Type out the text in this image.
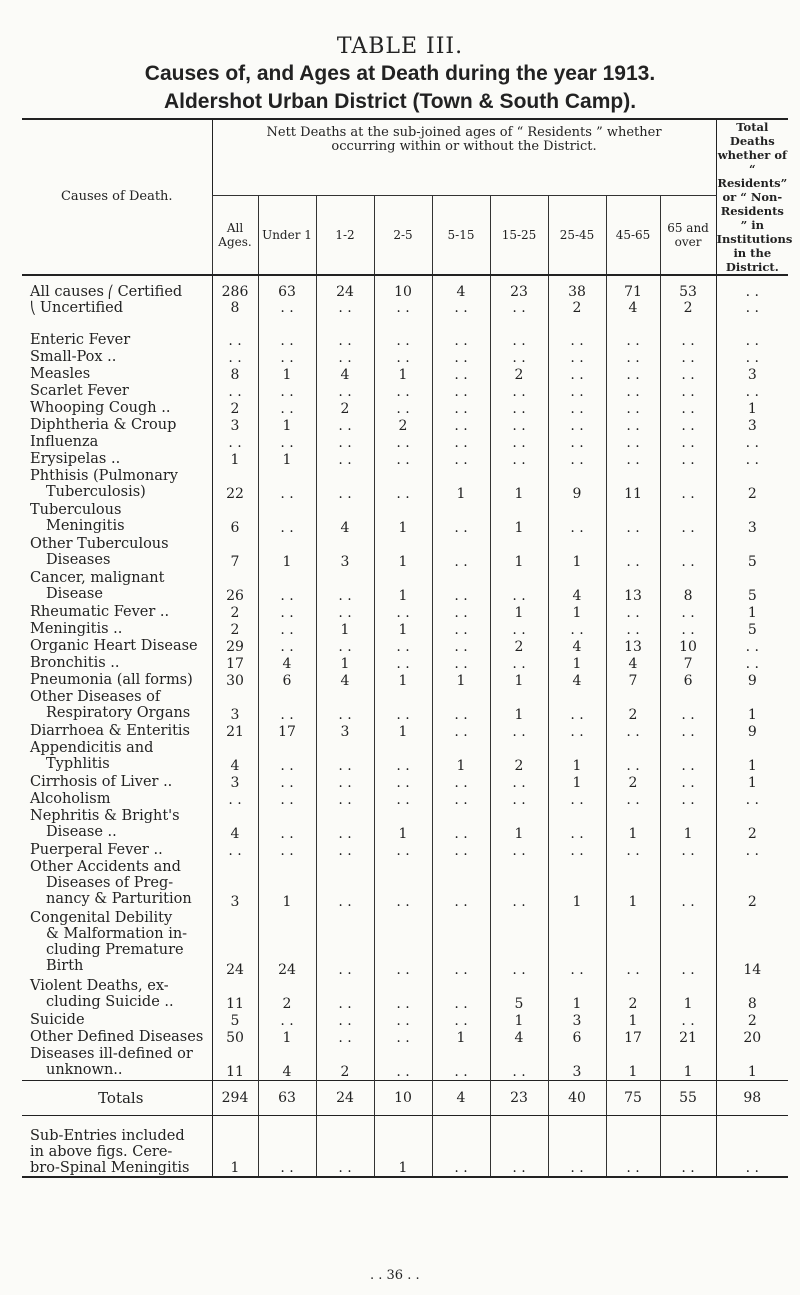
TABLE III.
Causes of, and Ages at Death during the year 1913.
Aldershot Urban District (Town & South Camp).
Causes of Death.	Nett Deaths at the sub-joined ages of “ Residents ” whether occurring within or without the District.									Total Deaths whether of “ Residents” or “ Non-Residents ” in Institutions in the District.
	All Ages.	Under 1	1-2	2-5	5-15	15-25	25-45	45-65	65 and over	
All causes ⎛ Certified	286	63	24	10	4	23	38	71	53	. .
⎝ Uncertified	8	. .	. .	. .	. .	. .	2	4	2	. .

Enteric Fever	. .	. .	. .	. .	. .	. .	. .	. .	. .	. .

Small-Pox ..	. .	. .	. .	. .	. .	. .	. .	. .	. .	. .

Measles	8	1	4	1	. .	2	. .	. .	. .	3

Scarlet Fever	. .	. .	. .	. .	. .	. .	. .	. .	. .	. .

Whooping Cough ..	2	. .	2	. .	. .	. .	. .	. .	. .	1

Diphtheria & Croup	3	1	. .	2	. .	. .	. .	. .	. .	3

Influenza	. .	. .	. .	. .	. .	. .	. .	. .	. .	. .

Erysipelas ..	1	1	. .	. .	. .	. .	. .	. .	. .	. .

Phthisis (Pulmonary
Tuberculosis)	22	. .	. .	. .	1	1	9	11	. .	2

Tuberculous
Meningitis	6	. .	4	1	. .	1	. .	. .	. .	3

Other Tuberculous
Diseases	7	1	3	1	. .	1	1	. .	. .	5

Cancer, malignant
Disease	26	. .	. .	1	. .	. .	4	13	8	5

Rheumatic Fever ..	2	. .	. .	. .	. .	1	1	. .	. .	1

Meningitis ..	2	. .	1	1	. .	. .	. .	. .	. .	5

Organic Heart Disease	29	. .	. .	. .	. .	2	4	13	10	. .

Bronchitis ..	17	4	1	. .	. .	. .	1	4	7	. .

Pneumonia (all forms)	30	6	4	1	1	1	4	7	6	9

Other Diseases of
Respiratory Organs	3	. .	. .	. .	. .	1	. .	2	. .	1

Diarrhoea & Enteritis	21	17	3	1	. .	. .	. .	. .	. .	9

Appendicitis and
Typhlitis	4	. .	. .	. .	1	2	1	. .	. .	1

Cirrhosis of Liver ..	3	. .	. .	. .	. .	. .	1	2	. .	1

Alcoholism	. .	. .	. .	. .	. .	. .	. .	. .	. .	. .

Nephritis & Bright's
Disease ..	4	. .	. .	1	. .	1	. .	1	1	2

Puerperal Fever ..	. .	. .	. .	. .	. .	. .	. .	. .	. .	. .

Other Accidents and
Diseases of Preg-
nancy & Parturition	3	1	. .	. .	. .	. .	1	1	. .	2

Congenital Debility
& Malformation in-
cluding Premature
Birth	24	24	. .	. .	. .	. .	. .	. .	. .	14

Violent Deaths, ex-
cluding Suicide ..	11	2	. .	. .	. .	5	1	2	1	8

Suicide	5	. .	. .	. .	. .	1	3	1	. .	2

Other Defined Diseases	50	1	. .	. .	1	4	6	17	21	20

Diseases ill-defined or
unknown..	11	4	2	. .	. .	. .	3	1	1	1
Totals	294	63	24	10	4	23	40	75	55	98

Sub-Entries included
in above figs. Cere-
bro-Spinal Meningitis	1	. .	. .	1	. .	. .	. .	. .	. .	. .
. . 36 . .
